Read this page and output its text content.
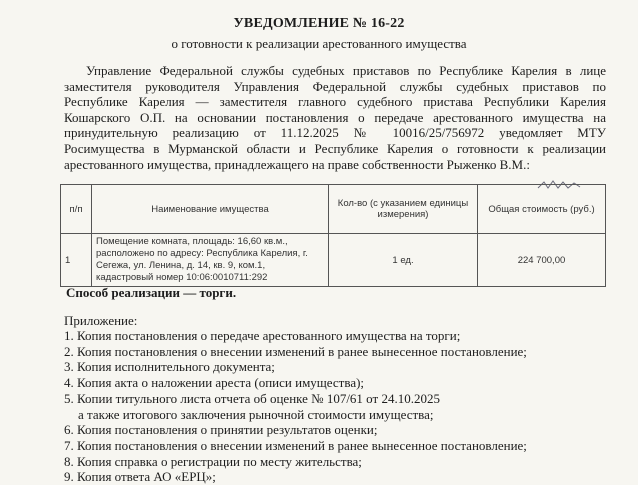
УВЕДОМЛЕНИЕ № 16-22
о готовности к реализации арестованного имущества
Управление Федеральной службы судебных приставов по Республике Карелия в лице
заместителя руководителя Управления Федеральной службы судебных приставов по
Республике Карелия — заместителя главного судебного пристава Республики Карелия
Кошарского О.П. на основании постановления о передаче арестованного имущества на
принудительную реализацию от 11.12.2025 № 10016/25/756972 уведомляет МТУ
Росимущества в Мурманской области и Республике Карелия о готовности к реализации
арестованного имущества, принадлежащего на праве собственности Рыженко В.М.:
п/п	Наименование имущества	Кол-во (с указанием единицы измерения)	Общая стоимость (руб.)
1	Помещение комната, площадь: 16,60 кв.м., расположено по адресу: Республика Карелия, г. Сегежа, ул. Ленина, д. 14, кв. 9, ком.1, кадастровый номер 10:06:0010711:292	1 ед.	224 700,00
Способ реализации — торги.
Приложение:
1. Копия постановления о передаче арестованного имущества на торги;
2. Копия постановления о внесении изменений в ранее вынесенное постановление;
3. Копия исполнительного документа;
4. Копия акта о наложении ареста (описи имущества);
5. Копии титульного листа отчета об оценке № 107/61 от 24.10.2025
а также итогового заключения рыночной стоимости имущества;
6. Копия постановления о принятии результатов оценки;
7. Копия постановления о внесении изменений в ранее вынесенное постановление;
8. Копия справка о регистрации по месту жительства;
9. Копия ответа АО «ЕРЦ»;
